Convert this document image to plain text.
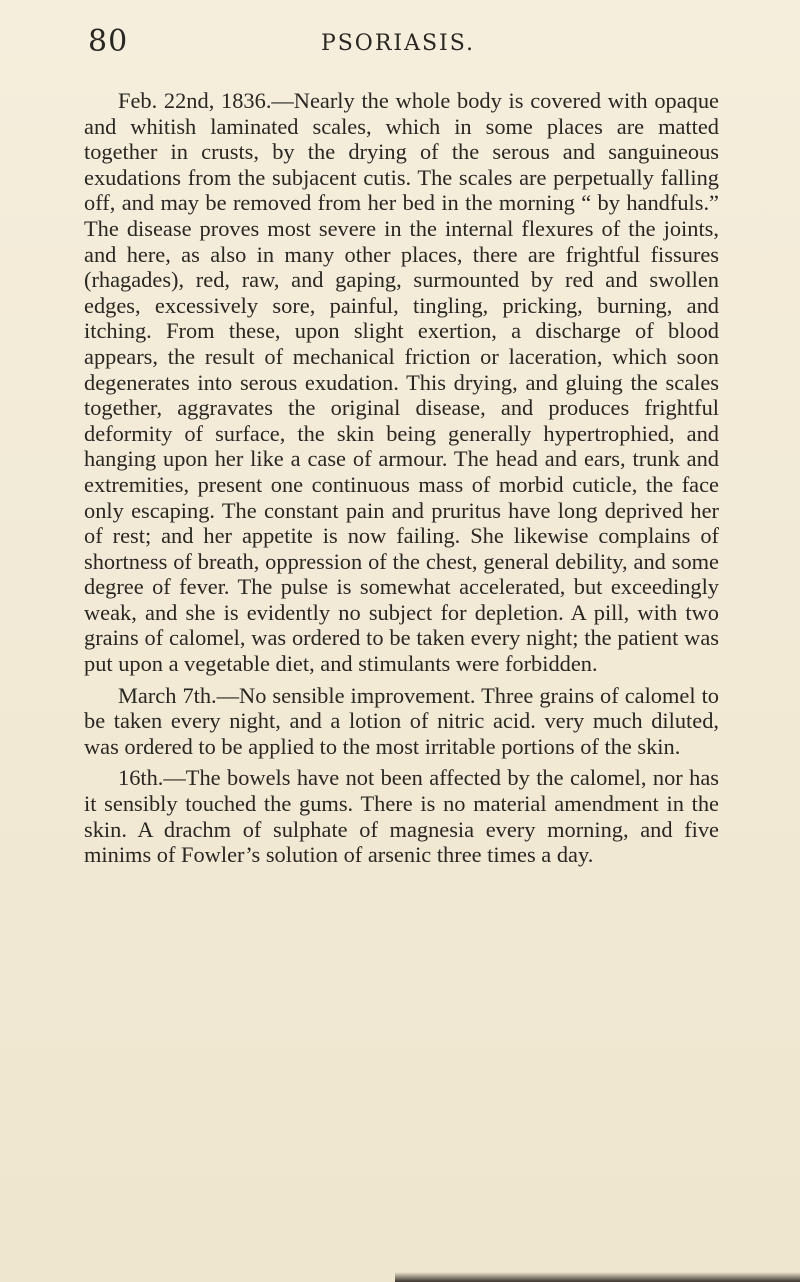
80	PSORIASIS.

Feb. 22nd, 1836.—Nearly the whole body is covered with opaque and whitish laminated scales, which in some places are matted together in crusts, by the drying of the serous and sanguineous exudations from the subjacent cutis. The scales are perpetually falling off, and may be removed from her bed in the morning “ by handfuls.” The disease proves most severe in the internal flexures of the joints, and here, as also in many other places, there are frightful fissures (rhagades), red, raw, and gaping, surmounted by red and swollen edges, excessively sore, painful, tingling, pricking, burning, and itching. From these, upon slight exertion, a discharge of blood appears, the result of mechanical friction or laceration, which soon degenerates into serous exudation. This drying, and gluing the scales together, aggravates the original disease, and produces frightful deformity of surface, the skin being generally hypertrophied, and hanging upon her like a case of armour. The head and ears, trunk and extremities, present one continuous mass of morbid cuticle, the face only escaping. The constant pain and pruritus have long deprived her of rest; and her appetite is now failing. She likewise complains of shortness of breath, oppression of the chest, general debility, and some degree of fever. The pulse is somewhat accelerated, but exceedingly weak, and she is evidently no subject for depletion. A pill, with two grains of calomel, was ordered to be taken every night; the patient was put upon a vegetable diet, and stimulants were forbidden.

March 7th.—No sensible improvement. Three grains of calomel to be taken every night, and a lotion of nitric acid. very much diluted, was ordered to be applied to the most irritable portions of the skin.

16th.—The bowels have not been affected by the calomel, nor has it sensibly touched the gums. There is no material amendment in the skin. A drachm of sulphate of magnesia every morning, and five minims of Fowler’s solution of arsenic three times a day.
